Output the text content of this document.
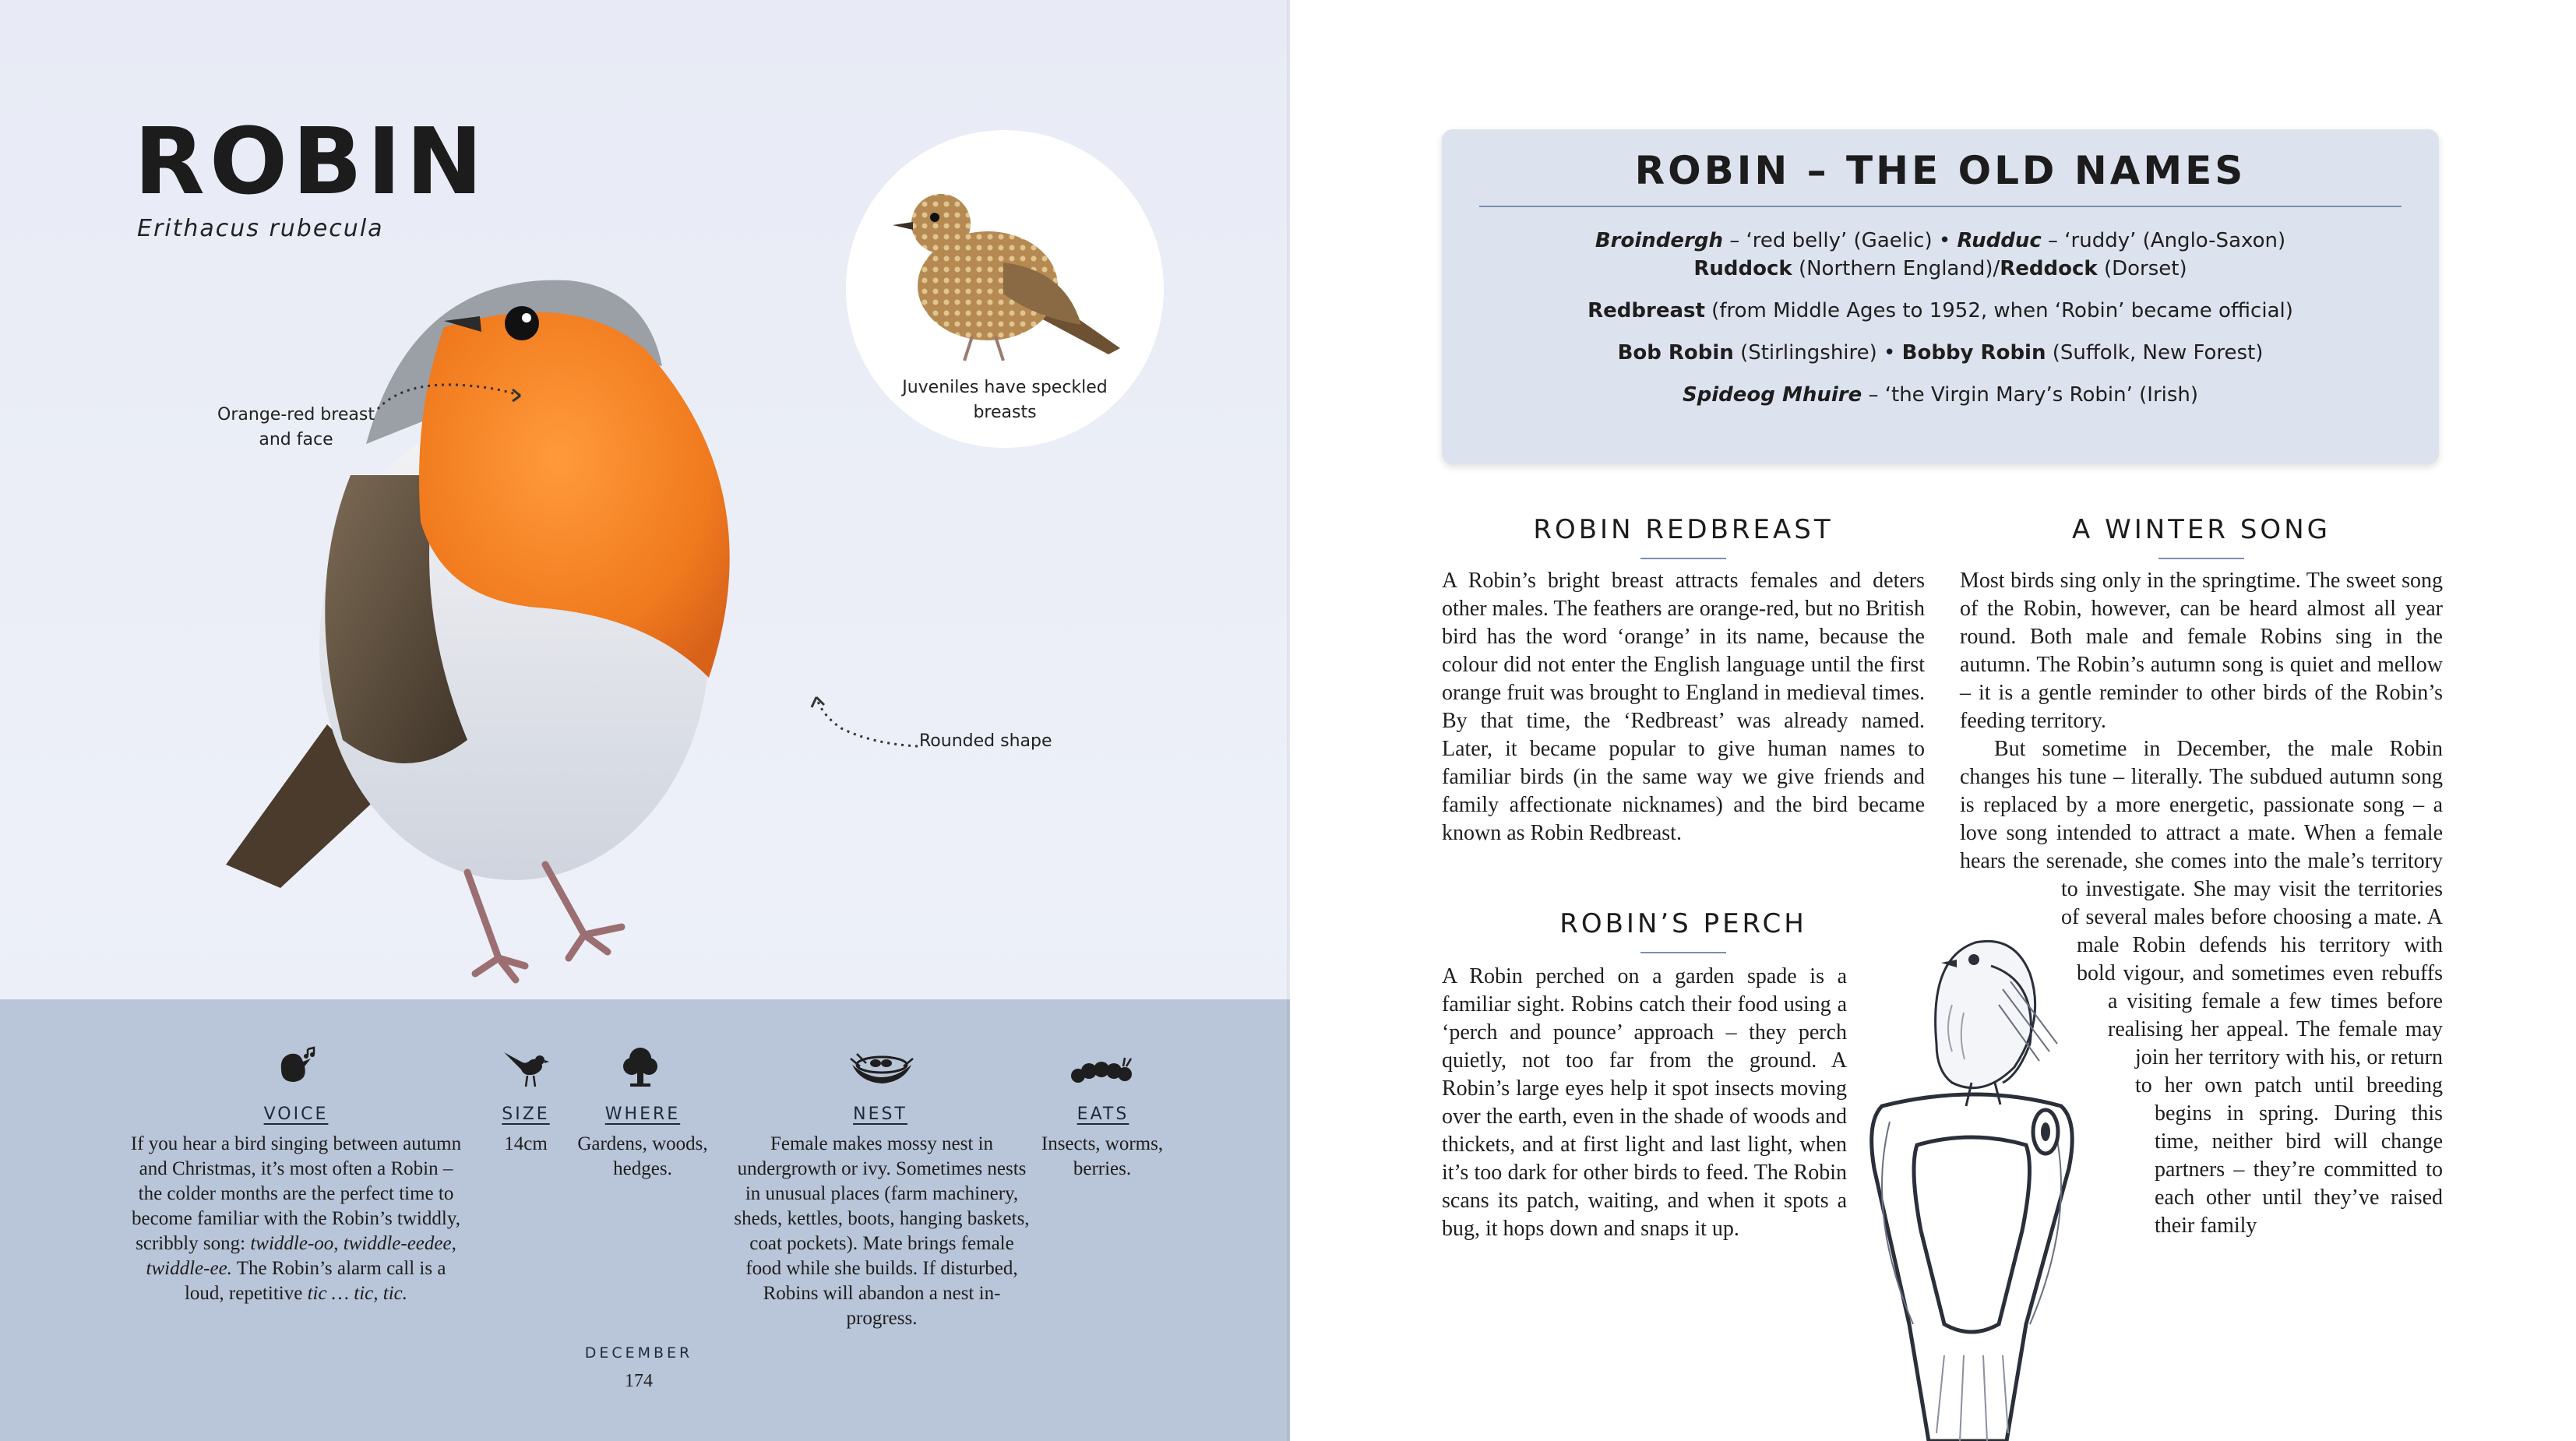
ROBIN
Erithacus rubecula
Orange-red breast and face
Rounded shape
Juveniles have speckled breasts
VOICE
If you hear a bird singing between autumn and Christmas, it’s most often a Robin – the colder months are the perfect time to become familiar with the Robin’s twiddly, scribbly song: twiddle-oo, twiddle-eedee, twiddle-ee. The Robin’s alarm call is a loud, repetitive tic … tic, tic.
SIZE
14cm
WHERE
Gardens, woods, hedges.
NEST
Female makes mossy nest in undergrowth or ivy. Sometimes nests in unusual places (farm machinery, sheds, kettles, boots, hanging baskets, coat pockets). Mate brings female food while she builds. If disturbed, Robins will abandon a nest in-progress.
EATS
Insects, worms, berries.
DECEMBER
174
ROBIN – THE OLD NAMES
Broindergh – ‘red belly’ (Gaelic) • Rudduc – ‘ruddy’ (Anglo-Saxon)
Ruddock (Northern England)/Reddock (Dorset)
Redbreast (from Middle Ages to 1952, when ‘Robin’ became official)
Bob Robin (Stirlingshire) • Bobby Robin (Suffolk, New Forest)
Spideog Mhuire – ‘the Virgin Mary’s Robin’ (Irish)
ROBIN REDBREAST

A Robin’s bright breast attracts females and deters other males. The feathers are orange-red, but no British bird has the word ‘orange’ in its name, because the colour did not enter the English language until the first orange fruit was brought to England in medieval times. By that time, the ‘Redbreast’ was already named. Later, it became popular to give human names to familiar birds (in the same way we give friends and family affectionate nicknames) and the bird became known as Robin Redbreast.

ROBIN’S PERCH

A Robin perched on a garden spade is a familiar sight. Robins catch their food using a ‘perch and pounce’ approach – they perch quietly, not too far from the ground. A Robin’s large eyes help it spot insects moving over the earth, even in the shade of woods and thickets, and at first light and last light, when it’s too dark for other birds to feed. The Robin scans its patch, waiting, and when it spots a bug, it hops down and snaps it up.

A WINTER SONG

Most birds sing only in the springtime. The sweet song of the Robin, however, can be heard almost all year round. Both male and female Robins sing in the autumn. The Robin’s autumn song is quiet and mellow – it is a gentle reminder to other birds of the Robin’s feeding territory.

But sometime in December, the male Robin changes his tune – literally. The subdued autumn song is replaced by a more energetic, passionate song – a love song intended to attract a mate. When a female hears the serenade, she comes into the male’s territory to investigate. She may visit the territories of several males before choosing a mate. A male Robin defends his territory with bold vigour, and sometimes even rebuffs a visiting female a few times before realising her appeal. The female may join her territory with his, or return to her own patch until breeding begins in spring. During this time, neither bird will change partners – they’re committed to each other until they’ve raised their family
